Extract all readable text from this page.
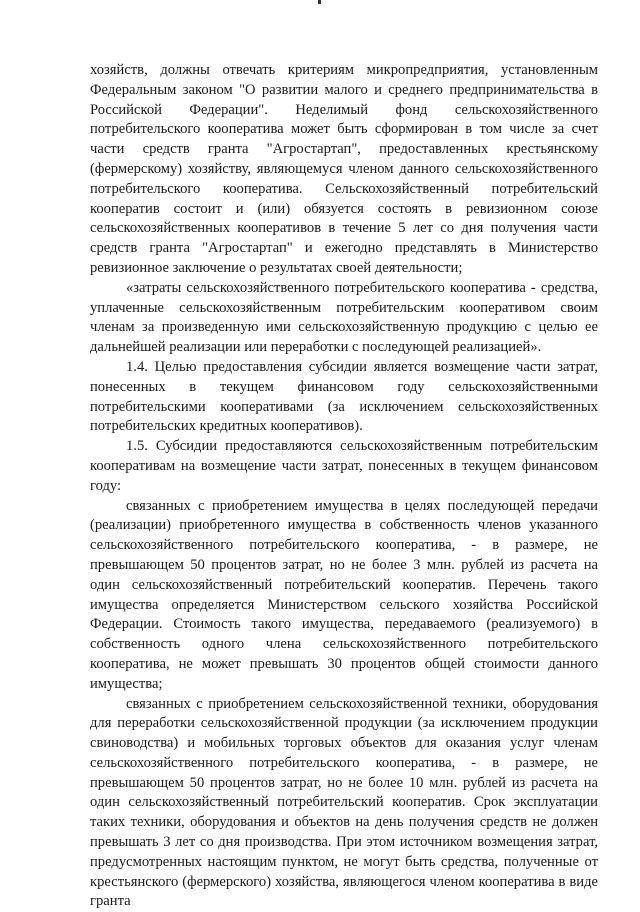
хозяйств, должны отвечать критериям микропредприятия, установленным Федеральным законом "О развитии малого и среднего предпринимательства в Российской Федерации". Неделимый фонд сельскохозяйственного потребительского кооператива может быть сформирован в том числе за счет части средств гранта "Агростартап", предоставленных крестьянскому (фермерскому) хозяйству, являющемуся членом данного сельскохозяйственного потребительского кооператива. Сельскохозяйственный потребительский кооператив состоит и (или) обязуется состоять в ревизионном союзе сельскохозяйственных кооперативов в течение 5 лет со дня получения части средств гранта "Агростартап" и ежегодно представлять в Министерство ревизионное заключение о результатах своей деятельности;

«затраты сельскохозяйственного потребительского кооператива - средства, уплаченные сельскохозяйственным потребительским кооперативом своим членам за произведенную ими сельскохозяйственную продукцию с целью ее дальнейшей реализации или переработки с последующей реализацией».

1.4. Целью предоставления субсидии является возмещение части затрат, понесенных в текущем финансовом году сельскохозяйственными потребительскими кооперативами (за исключением сельскохозяйственных потребительских кредитных кооперативов).

1.5. Субсидии предоставляются сельскохозяйственным потребительским кооперативам на возмещение части затрат, понесенных в текущем финансовом году:

связанных с приобретением имущества в целях последующей передачи (реализации) приобретенного имущества в собственность членов указанного сельскохозяйственного потребительского кооператива, - в размере, не превышающем 50 процентов затрат, но не более 3 млн. рублей из расчета на один сельскохозяйственный потребительский кооператив. Перечень такого имущества определяется Министерством сельского хозяйства Российской Федерации. Стоимость такого имущества, передаваемого (реализуемого) в собственность одного члена сельскохозяйственного потребительского кооператива, не может превышать 30 процентов общей стоимости данного имущества;

связанных с приобретением сельскохозяйственной техники, оборудования для переработки сельскохозяйственной продукции (за исключением продукции свиноводства) и мобильных торговых объектов для оказания услуг членам сельскохозяйственного потребительского кооператива, - в размере, не превышающем 50 процентов затрат, но не более 10 млн. рублей из расчета на один сельскохозяйственный потребительский кооператив. Срок эксплуатации таких техники, оборудования и объектов на день получения средств не должен превышать 3 лет со дня производства. При этом источником возмещения затрат, предусмотренных настоящим пунктом, не могут быть средства, полученные от крестьянского (фермерского) хозяйства, являющегося членом кооператива в виде гранта
